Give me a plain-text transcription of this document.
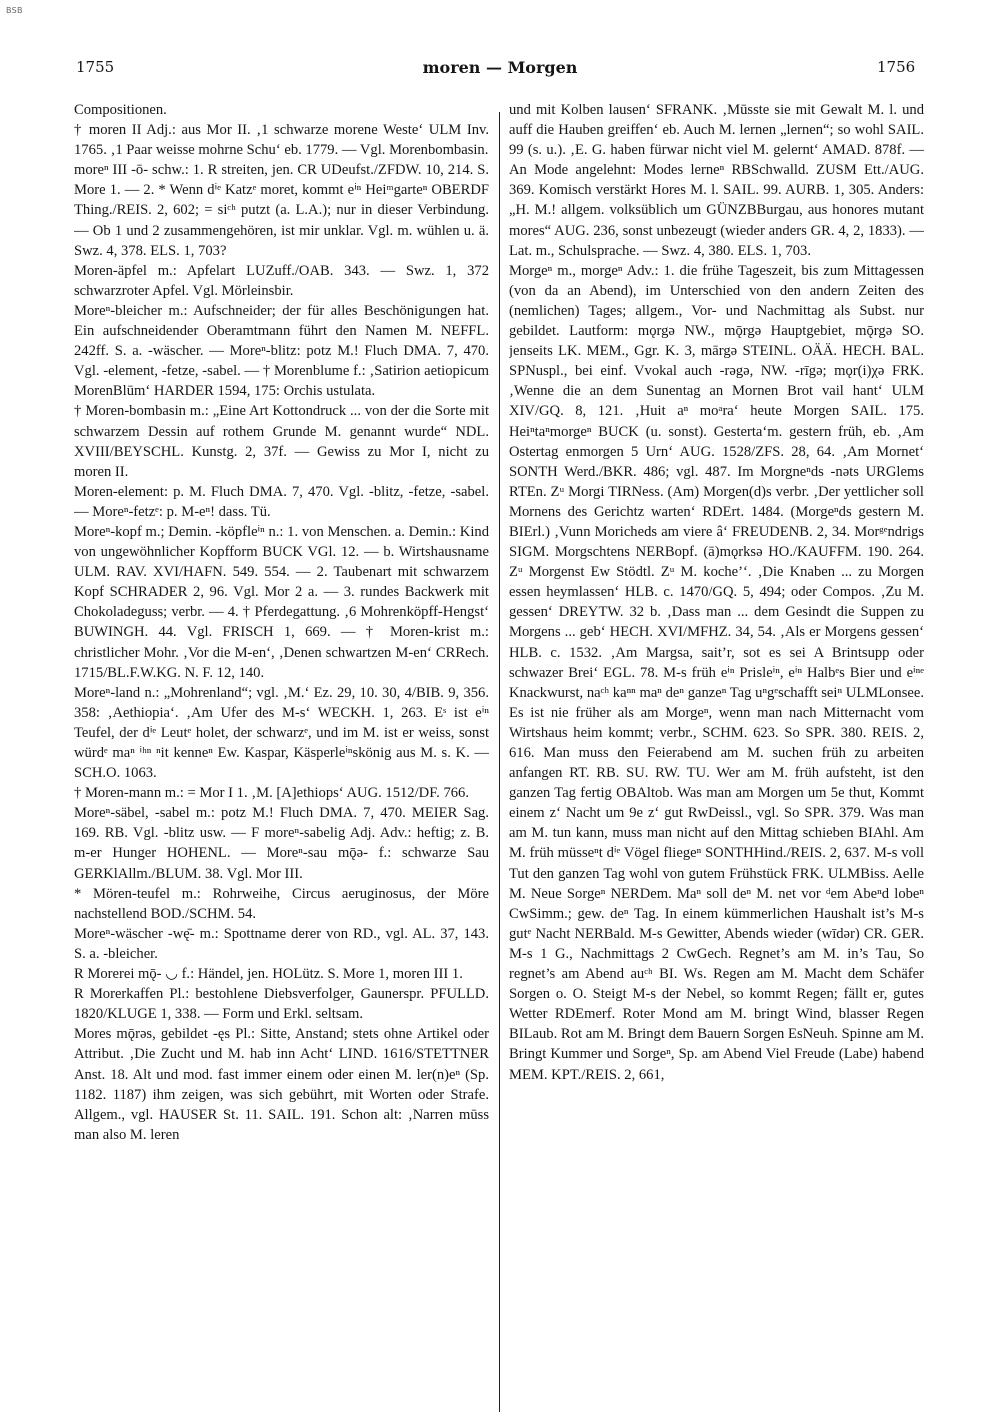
BSB
1755	moren — Morgen	1756

Compositionen.

† moren II Adj.: aus Mor II. ‚1 schwarze morene Weste‘ ULM Inv. 1765. ‚1 Paar weisse mohrne Schu‘ eb. 1779. — Vgl. Morenbombasin.

moreⁿ III -ō- schw.: 1. R streiten, jen. CR UDeufst./ZFDW. 10, 214. S. More 1. — 2. * Wenn dⁱᵉ Katzᵉ moret, kommt eⁱⁿ Heiᵐgarteⁿ OBERDF Thing./REIS. 2, 602; = siᶜʰ putzt (a. L.A.); nur in dieser Verbindung. — Ob 1 und 2 zusammengehören, ist mir unklar. Vgl. m. wühlen u. ä. Swz. 4, 378. ELS. 1, 703?

Moren-äpfel m.: Apfelart LUZuff./OAB. 343. — Swz. 1, 372 schwarzroter Apfel. Vgl. Mörleinsbir.

Moreⁿ-bleicher m.: Aufschneider; der für alles Beschönigungen hat. Ein aufschneidender Oberamtmann führt den Namen M. NEFFL. 242ff. S. a. -wäscher. — Moreⁿ-blitz: potz M.! Fluch DMA. 7, 470. Vgl. -element, -fetze, -sabel. — † Morenblume f.: ‚Satirion aetiopicum MorenBlūm‘ HARDER 1594, 175: Orchis ustulata.

† Moren-bombasin m.: „Eine Art Kottondruck ... von der die Sorte mit schwarzem Dessin auf rothem Grunde M. genannt wurde“ NDL. XVIII/BEYSCHL. Kunstg. 2, 37f. — Gewiss zu Mor I, nicht zu moren II.

Moren-element: p. M. Fluch DMA. 7, 470. Vgl. -blitz, -fetze, -sabel. — Moreⁿ-fetzᵉ: p. M-eⁿ! dass. Tü.

Moreⁿ-kopf m.; Demin. -köpfleⁱⁿ n.: 1. von Menschen. a. Demin.: Kind von ungewöhnlicher Kopfform BUCK VGl. 12. — b. Wirtshausname ULM. RAV. XVI/HAFN. 549. 554. — 2. Taubenart mit schwarzem Kopf SCHRADER 2, 96. Vgl. Mor 2 a. — 3. rundes Backwerk mit Chokoladeguss; verbr. — 4. † Pferdegattung. ‚6 Mohrenköpff-Hengst‘ BUWINGH. 44. Vgl. FRISCH 1, 669. — † Moren-krist m.: christlicher Mohr. ‚Vor die M-en‘, ‚Denen schwartzen M-en‘ CRRech. 1715/BL.F.W.KG. N. F. 12, 140.

Moreⁿ-land n.: „Mohrenland“; vgl. ‚M.‘ Ez. 29, 10. 30, 4/BIB. 9, 356. 358: ‚Aethiopia‘. ‚Am Ufer des M-s‘ WECKH. 1, 263. Eˢ ist eⁱⁿ Teufel, der dⁱᵉ Leutᵉ holet, der schwarzᵉ, und im M. ist er weiss, sonst würdᵉ maⁿ ⁱʰⁿ ⁿit kenneⁿ Ew. Kaspar, Käsperleⁱⁿskönig aus M. s. K. — SCH.O. 1063.

† Moren-mann m.: = Mor I 1. ‚M. [A]ethiops‘ AUG. 1512/DF. 766.

Moreⁿ-säbel, -sabel m.: potz M.! Fluch DMA. 7, 470. MEIER Sag. 169. RB. Vgl. -blitz usw. — F moreⁿ-sabelig Adj. Adv.: heftig; z. B. m-er Hunger HOHENL. — Moreⁿ-sau mǭə- f.: schwarze Sau GERKlAllm./BLUM. 38. Vgl. Mor III.

* Mören-teufel m.: Rohrweihe, Circus aeruginosus, der Möre nachstellend BOD./SCHM. 54.

Moreⁿ-wäscher -wę̄- m.: Spottname derer von RD., vgl. AL. 37, 143. S. a. -bleicher.

R Morerei mǭ- ◡ f.: Händel, jen. HOLütz. S. More 1, moren III 1.

R Morerkaffen Pl.: bestohlene Diebsverfolger, Gaunerspr. PFULLD. 1820/KLUGE 1, 338. — Form und Erkl. seltsam.

Mores mǭrəs, gebildet -ęs Pl.: Sitte, Anstand; stets ohne Artikel oder Attribut. ‚Die Zucht und M. hab inn Acht‘ LIND. 1616/STETTNER Anst. 18. Alt und mod. fast immer einem oder einen M. ler(n)eⁿ (Sp. 1182. 1187) ihm zeigen, was sich gebührt, mit Worten oder Strafe. Allgem., vgl. HAUSER St. 11. SAIL. 191. Schon alt: ‚Narren mūss man also M. leren

und mit Kolben lausen‘ SFRANK. ‚Mūsste sie mit Gewalt M. l. und auff die Hauben greiffen‘ eb. Auch M. lernen „lernen“; so wohl SAIL. 99 (s. u.). ‚E. G. haben fürwar nicht viel M. gelernt‘ AMAD. 878f. — An Mode angelehnt: Modes lerneⁿ RBSchwalld. ZUSM Ett./AUG. 369. Komisch verstärkt Hores M. l. SAIL. 99. AURB. 1, 305. Anders: „H. M.! allgem. volksüblich um GÜNZBBurgau, aus honores mutant mores“ AUG. 236, sonst unbezeugt (wieder anders GR. 4, 2, 1833). — Lat. m., Schulsprache. — Swz. 4, 380. ELS. 1, 703.

Morgeⁿ m., morgeⁿ Adv.: 1. die frühe Tageszeit, bis zum Mittagessen (von da an Abend), im Unterschied von den andern Zeiten des (nemlichen) Tages; allgem., Vor- und Nachmittag als Subst. nur gebildet. Lautform: mǫrgə NW., mǭrgə Hauptgebiet, mǭrgə SO. jenseits LK. MEM., Ggr. K. 3, mārgə STEINL. OÄÄ. HECH. BAL. SPNuspl., bei einf. Vvokal auch -rəgə, NW. -rīgə; mǫr(i)χə FRK. ‚Wenne die an dem Sunentag an Mornen Brot vail hant‘ ULM XIV/GQ. 8, 121. ‚Huit aⁿ moᵃra‘ heute Morgen SAIL. 175. Heiⁿtaⁿmorgeⁿ BUCK (u. sonst). Gesterta‘m. gestern früh, eb. ‚Am Ostertag enmorgen 5 Urn‘ AUG. 1528/ZFS. 28, 64. ‚Am Mornet‘ SONTH Werd./BKR. 486; vgl. 487. Im Morgneⁿds -nəts URGlems RTEn. Zᵘ Morgi TIRNess. (Am) Morgen(d)s verbr. ‚Der yettlicher soll Mornens des Gerichtz warten‘ RDErt. 1484. (Morgeⁿds gestern M. BIErl.) ‚Vunn Moricheds am viere â‘ FREUDENB. 2, 34. Morᵍᵉndrigs SIGM. Morgschtens NERBopf. (ā)mǫrksə HO./KAUFFM. 190. 264. Zᵘ Morgenst Ew Stödtl. Zᵘ M. koche’‘. ‚Die Knaben ... zu Morgen essen heymlassen‘ HLB. c. 1470/GQ. 5, 494; oder Compos. ‚Zu M. gessen‘ DREYTW. 32 b. ‚Dass man ... dem Gesindt die Suppen zu Morgens ... geb‘ HECH. XVI/MFHZ. 34, 54. ‚Als er Morgens gessen‘ HLB. c. 1532. ‚Am Margsa, sait’r, sot es sei A Brintsupp oder schwazer Brei‘ EGL. 78. M-s früh eⁱⁿ Prisleⁱⁿ, eⁱⁿ Halbᵉs Bier und eⁱⁿᵉ Knackwurst, naᶜʰ kaⁿⁿ maⁿ deⁿ ganzeⁿ Tag uⁿgᵉschafft seiⁿ ULMLonsee. Es ist nie früher als am Morgeⁿ, wenn man nach Mitternacht vom Wirtshaus heim kommt; verbr., SCHM. 623. So SPR. 380. REIS. 2, 616. Man muss den Feierabend am M. suchen früh zu arbeiten anfangen RT. RB. SU. RW. TU. Wer am M. früh aufsteht, ist den ganzen Tag fertig OBAltob. Was man am Morgen um 5e thut, Kommt einem z‘ Nacht um 9e z‘ gut RwDeissl., vgl. So SPR. 379. Was man am M. tun kann, muss man nicht auf den Mittag schieben BIAhl. Am M. früh müsseⁿt dⁱᵉ Vögel fliegeⁿ SONTHHind./REIS. 2, 637. M-s voll Tut den ganzen Tag wohl von gutem Frühstück FRK. ULMBiss. Aelle M. Neue Sorgeⁿ NERDem. Maⁿ soll deⁿ M. net vor ᵈem Abeⁿd lobeⁿ CwSimm.; gew. deⁿ Tag. In einem kümmerlichen Haushalt ist’s M-s gutᵉ Nacht NERBald. M-s Gewitter, Abends wieder (wīdər) CR. GER. M-s 1 G., Nachmittags 2 CwGech. Regnet’s am M. in’s Tau, So regnet’s am Abend auᶜʰ BI. Ws. Regen am M. Macht dem Schäfer Sorgen o. O. Steigt M-s der Nebel, so kommt Regen; fällt er, gutes Wetter RDEmerf. Roter Mond am M. bringt Wind, blasser Regen BILaub. Rot am M. Bringt dem Bauern Sorgen EsNeuh. Spinne am M. Bringt Kummer und Sorgeⁿ, Sp. am Abend Viel Freude (Labe) habend MEM. KPT./REIS. 2, 661,
